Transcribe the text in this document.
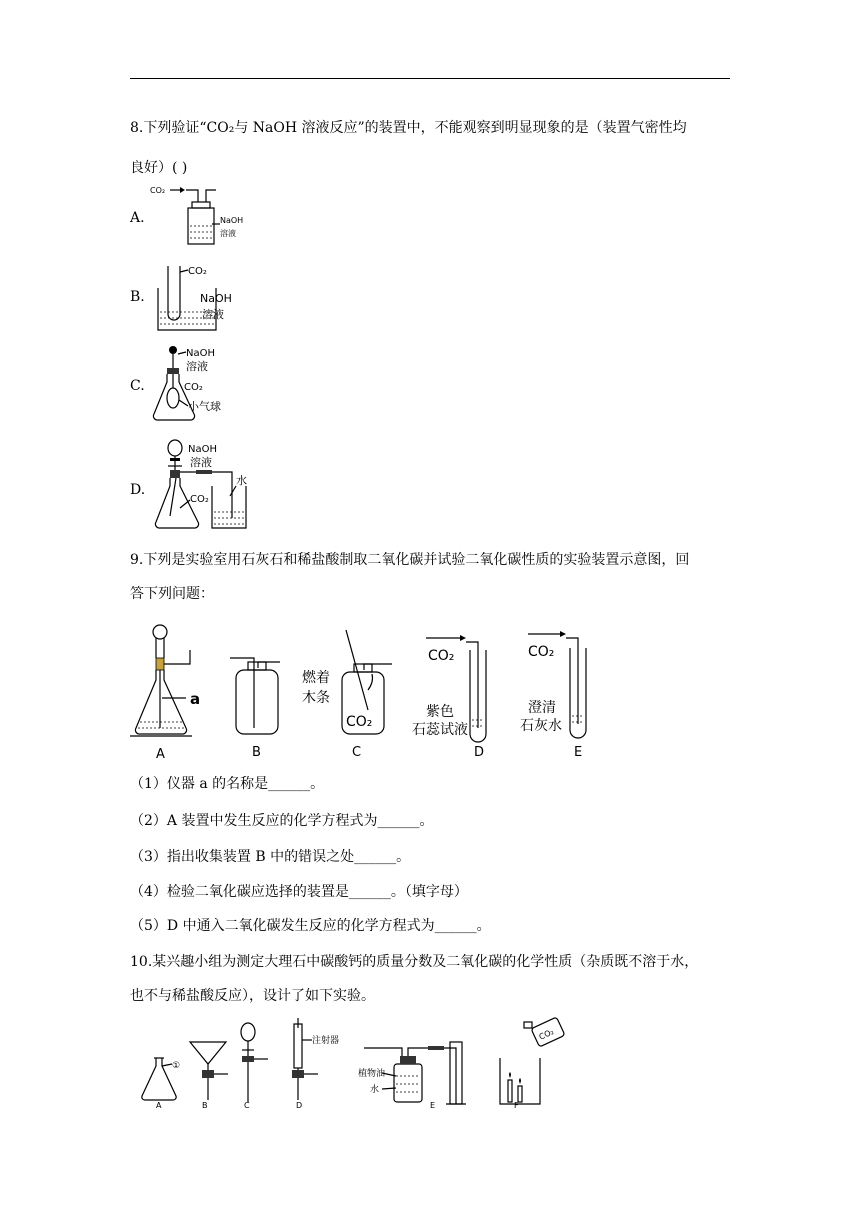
8.下列验证“CO₂与 NaOH 溶液反应”的装置中，不能观察到明显现象的是（装置气密性均
良好）( )
A.
CO₂
NaOH
溶液
B.
CO₂
NaOH
溶液
C.
NaOH
溶液
CO₂
小气球
D.
NaOH
溶液
水
CO₂
9.下列是实验室用石灰石和稀盐酸制取二氧化碳并试验二氧化碳性质的实验装置示意图，回
答下列问题：
a
燃着
木条
CO₂
CO₂
紫色
石蕊试液
CO₂
澄清
石灰水
A	B	C	D	E
（1）仪器 a 的名称是______。
（2）A 装置中发生反应的化学方程式为______。
（3）指出收集装置 B 中的错误之处______。
（4）检验二氧化碳应选择的装置是______。（填字母）
（5）D 中通入二氧化碳发生反应的化学方程式为______。
10.某兴趣小组为测定大理石中碳酸钙的质量分数及二氧化碳的化学性质（杂质既不溶于水，
也不与稀盐酸反应），设计了如下实验。
①
注射器
植物油
水
CO₂
A	B	C	D	E	F
